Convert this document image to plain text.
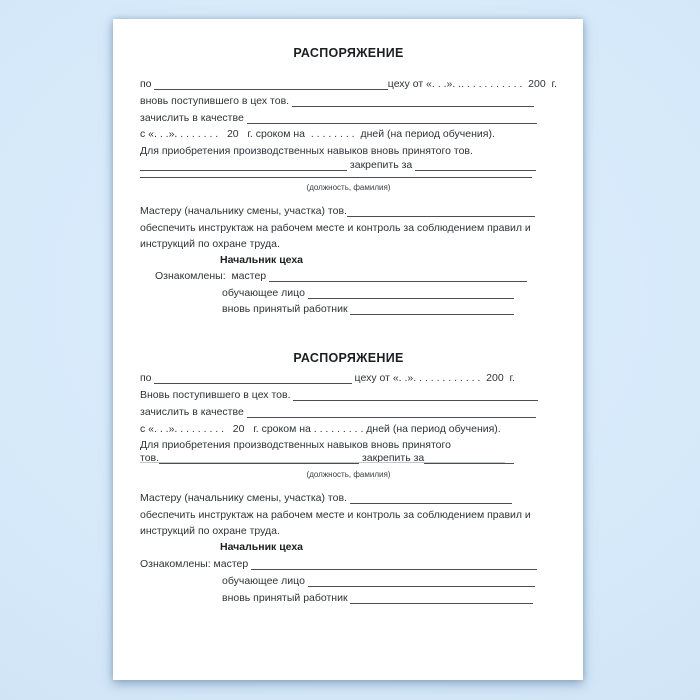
РАСПОРЯЖЕНИЕ
по	цеху от «. . .». .. . . . . . . . . . .  200  г.
вновь поступившего в цех тов.
зачислить в качестве
с «. . .». . . . . . . .   20   г. сроком на  . . . . . . . .  дней (на период обучения).
Для приобретения производственных навыков вновь принятого тов.
закрепить за
(должность, фамилия)
Мастеру (начальнику смены, участка) тов.
обеспечить инструктаж на рабочем месте и контроль за соблюдением правил и
инструкций по охране труда.
Начальник цеха
Ознакомлены:  мастер
обучающее лицо
вновь принятый работник
РАСПОРЯЖЕНИЕ
по	цеху от «. .». . . . . . . . . . . .  200  г.
Вновь поступившего в цех тов.
зачислить в качестве
с «. . .». . . . . . . . .   20   г. сроком на . . . . . . . . . дней (на период обучения).
Для приобретения производственных навыков вновь принятого
тов.	закрепить за
(должность, фамилия)
Мастеру (начальнику смены, участка) тов.
обеспечить инструктаж на рабочем месте и контроль за соблюдением правил и
инструкций по охране труда.
Начальник цеха
Ознакомлены: мастер
обучающее лицо
вновь принятый работник
